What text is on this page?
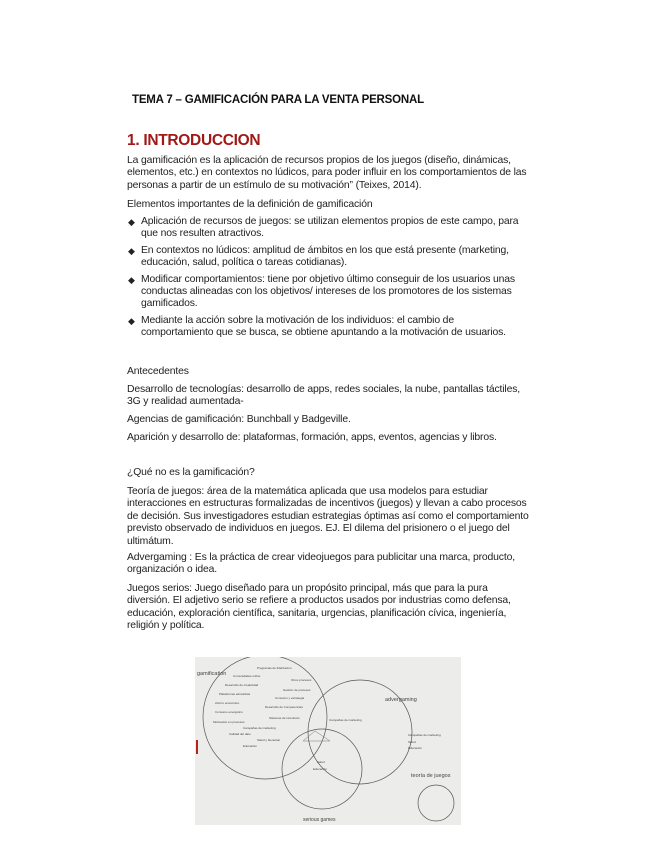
TEMA 7 – GAMIFICACIÓN PARA LA VENTA PERSONAL
1. INTRODUCCION
La gamificación es la aplicación de recursos propios de los juegos (diseño, dinámicas, elementos, etc.) en contextos no lúdicos, para poder influir en los comportamientos de las personas a partir de un estímulo de su motivación” (Teixes, 2014).
Elementos importantes de la definición de gamificación
◆ Aplicación de recursos de juegos: se utilizan elementos propios de este campo, para que nos resulten atractivos.
◆ En contextos no lúdicos: amplitud de ámbitos en los que está presente (marketing, educación, salud, política o tareas cotidianas).
◆ Modificar comportamientos: tiene por objetivo último conseguir de los usuarios unas conductas alineadas con los objetivos/ intereses de los promotores de los sistemas gamificados.
◆ Mediante la acción sobre la motivación de los individuos: el cambio de comportamiento que se busca, se obtiene apuntando a la motivación de usuarios.
Antecedentes
Desarrollo de tecnologías: desarrollo de apps, redes sociales, la nube, pantallas táctiles, 3G y realidad aumentada-
Agencias de gamificación: Bunchball y Badgeville.
Aparición y desarrollo de: plataformas, formación, apps, eventos, agencias y libros.
¿Qué no es la gamificación?
Teoría de juegos: área de la matemática aplicada que usa modelos para estudiar interacciones en estructuras formalizadas de incentivos (juegos) y llevan a cabo procesos de decisión. Sus investigadores estudian estrategias óptimas así como el comportamiento previsto observado de individuos en juegos. EJ. El dilema del prisionero o el juego del ultimátum.
Advergaming : Es la práctica de crear videojuegos para publicitar una marca, producto, organización o idea.
Juegos serios: Juego diseñado para un propósito principal, más que para la pura diversión. El adjetivo serio se refiere a productos usados por industrias como defensa, educación, exploración científica, sanitaria, urgencias, planificación cívica, ingeniería, religión y política.
gamification
advergaming
serious games
teoría de juegos
Programas de fidelización
Comunidades online
Otros procesos
Desarrollo de creatividad
Gestión de procesos
Plataformas educativas
Consumo y estrategia
Ahorro económico
Desarrollo de Competencias
Consumo energético
Sistemas de incentivos
Motivación en procesos
Campañas de marketing
Calidad del dato
Salud y bienestar
Educación
Campañas de marketing
Campañas de marketing
Salud
Educación
Salud
Educación
